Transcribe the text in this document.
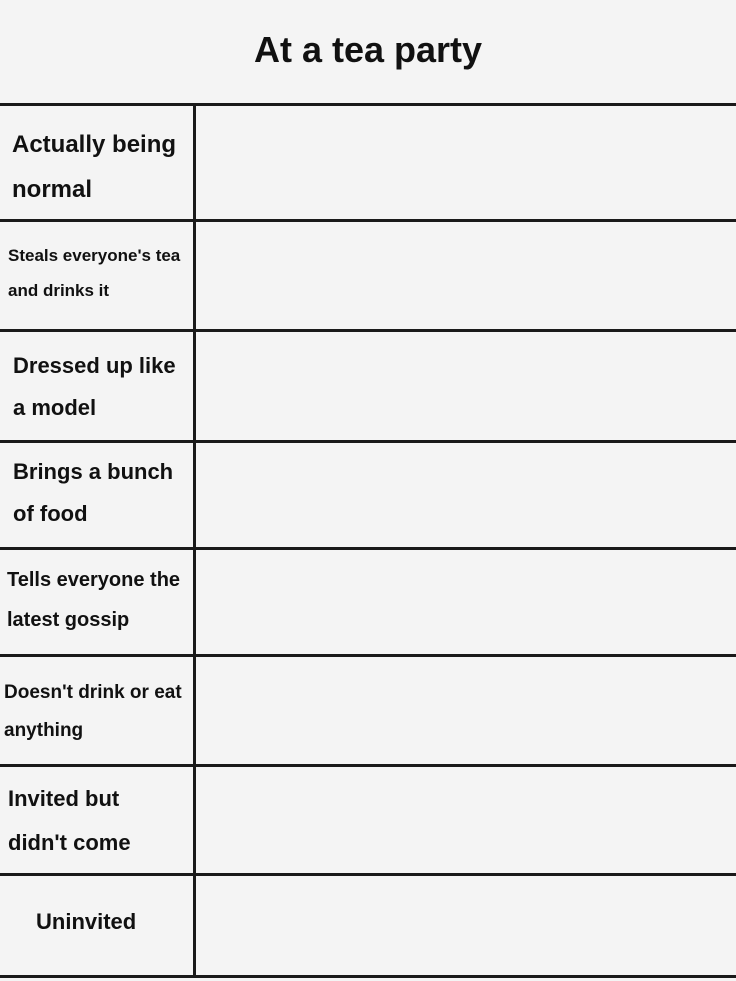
At a tea party
Actually being
normal
Steals everyone's tea
and drinks it
Dressed up like
a model
Brings a bunch
of food
Tells everyone the
latest gossip
Doesn't drink or eat
anything
Invited but
didn't come
Uninvited
